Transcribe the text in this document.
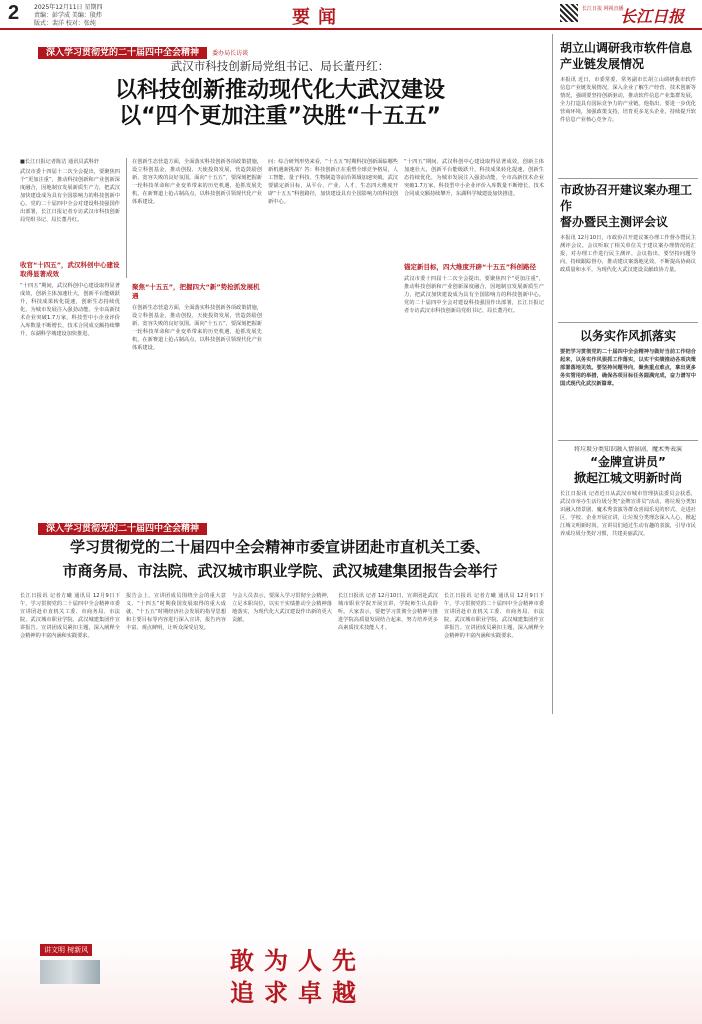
2 2025年12月11日 星期四
责编：彭学成 美编：殷炜
版式：裴洋 校对：张纯	要闻	长江日报 网视直播
长江日报
深入学习贯彻党的二十届四中全会精神 委办局长访谈
武汉市科技创新局党组书记、局长董丹红：
以科技创新推动现代化大武汉建设
以“四个更加注重”决胜“十五五”
■长江日报记者陈洁 通讯员武科轩
武汉市委十四届十二次全会提出，要聚焦四个“更加注重”，推动科技创新和产业创新深度融合，因地制宜发展新质生产力，把武汉加快建设成为具有全国影响力的科技创新中心。党的二十届四中全会对建设科技强国作出部署，长江日报记者专访武汉市科技创新局党组书记、局长董丹红。
收官“十四五”，武汉科创中心建设取得显著成效
“十四五”期间，武汉科创中心建设取得显著成效，创新主体加速壮大，创新平台能级跃升，科技成果转化提速，创新生态持续优化，为城市发展注入强劲动能。全市高新技术企业突破1.7万家，科技型中小企业评价入库数量不断增长，技术合同成交额持续攀升，东湖科学城建设加快推进。
在创新生态营造方面，全面落实科技创新各项政策措施，设立科创基金，推动创投、天使投资发展，营造鼓励创新、宽容失败的良好氛围。面向“十五五”，要深刻把握新一轮科技革命和产业变革带来的历史机遇，抢抓发展先机，在新赛道上抢占制高点，以科技创新引领现代化产业体系建设。
聚焦“十五五”，把握四大“新”势抢抓发展机遇
在创新生态营造方面，全面落实科技创新各项政策措施，设立科创基金，推动创投、天使投资发展，营造鼓励创新、宽容失败的良好氛围。面向“十五五”，要深刻把握新一轮科技革命和产业变革带来的历史机遇，抢抓发展先机，在新赛道上抢占制高点，以科技创新引领现代化产业体系建设。
问：综合研判形势来看，“十五五”时期科技创新面临哪些新机遇新挑战？答：科技创新正在重塑全球竞争格局，人工智能、量子科技、生物制造等前沿领域加速突破。武汉要锚定新目标，从平台、产业、人才、生态四大维度开辟“十五五”科创路径，加快建设具有全国影响力的科技创新中心。
“十四五”期间，武汉科创中心建设取得显著成效，创新主体加速壮大，创新平台能级跃升，科技成果转化提速，创新生态持续优化，为城市发展注入强劲动能。全市高新技术企业突破1.7万家，科技型中小企业评价入库数量不断增长，技术合同成交额持续攀升，东湖科学城建设加快推进。
锚定新目标，四大维度开辟“十五五”科创路径
武汉市委十四届十二次全会提出，要聚焦四个“更加注重”，推动科技创新和产业创新深度融合，因地制宜发展新质生产力，把武汉加快建设成为具有全国影响力的科技创新中心。党的二十届四中全会对建设科技强国作出部署，长江日报记者专访武汉市科技创新局党组书记、局长董丹红。
胡立山调研我市软件信息
产业链发展情况
本报讯 近日，市委常委、常务副市长胡立山调研我市软件信息产业链发展情况，深入企业了解生产经营、技术创新等情况，强调要坚持创新驱动，推动软件信息产业集群发展，全力打造具有国际竞争力的产业链。他指出，要进一步优化营商环境，加强政策支持，培育更多龙头企业，持续提升软件信息产业核心竞争力。
市政协召开建议案办理工作
督办暨民主测评会议
本报讯 12月10日，市政协召开建议案办理工作督办暨民主测评会议。会议听取了相关单位关于建议案办理情况的汇报，对办理工作进行民主测评。会议指出，要坚持问题导向，持续跟踪督办，推动建议案落地见效，不断提高协商议政质量和水平，为现代化大武汉建设贡献政协力量。
以务实作风抓落实
要把学习贯彻党的二十届四中全会精神与做好当前工作结合起来，以务实作风狠抓工作落实，以实干实绩推动各项决策部署落地见效。要坚持问题导向，聚焦重点难点，拿出更多务实管用的举措，确保各项目标任务圆满完成，奋力谱写中国式现代化武汉新篇章。
将垃圾分类知识融入情景剧，魔术秀表演
“金牌宣讲员”
掀起江城文明新时尚
长江日报讯 记者近日从武汉市城市管理执法委员会获悉，武汉市举办生活垃圾分类“金牌宣讲员”活动，将垃圾分类知识融入情景剧、魔术秀表演等群众喜闻乐见的形式，走进社区、学校、企业开展宣讲，让垃圾分类理念深入人心，掀起江城文明新时尚。宣讲员们通过生动有趣的表演，引导市民养成垃圾分类好习惯，共建美丽武汉。
深入学习贯彻党的二十届四中全会精神
学习贯彻党的二十届四中全会精神市委宣讲团赴市直机关工委、
市商务局、市法院、武汉城市职业学院、武汉城建集团报告会举行
长江日报讯 记者方曦 通讯员 12月9日下午，学习贯彻党的二十届四中全会精神市委宣讲团赴市直机关工委、市商务局、市法院、武汉城市职业学院、武汉城建集团作宣讲报告。宣讲团成员紧扣主题，深入阐释全会精神的丰富内涵和实践要求。
报告会上，宣讲团成员围绕全会的重大意义、“十四五”时期我国发展取得的重大成就、“十五五”时期经济社会发展的指导思想和主要目标等内容进行深入宣讲，报告内容丰富、观点鲜明，让听众深受启发。
与会人员表示，要深入学习贯彻全会精神，立足本职岗位，以实干实绩推动全会精神落地落实，为现代化大武汉建设作出新的更大贡献。
长江日报讯 记者 12月10日，宣讲团赴武汉城市职业学院开展宣讲，学院师生认真聆听。大家表示，要把学习贯彻全会精神与推进学院高质量发展结合起来，努力培养更多高素质技术技能人才。
长江日报讯 记者方曦 通讯员 12月9日下午，学习贯彻党的二十届四中全会精神市委宣讲团赴市直机关工委、市商务局、市法院、武汉城市职业学院、武汉城建集团作宣讲报告。宣讲团成员紧扣主题，深入阐释全会精神的丰富内涵和实践要求。
讲文明 树新风	敢为人先
追求卓越
